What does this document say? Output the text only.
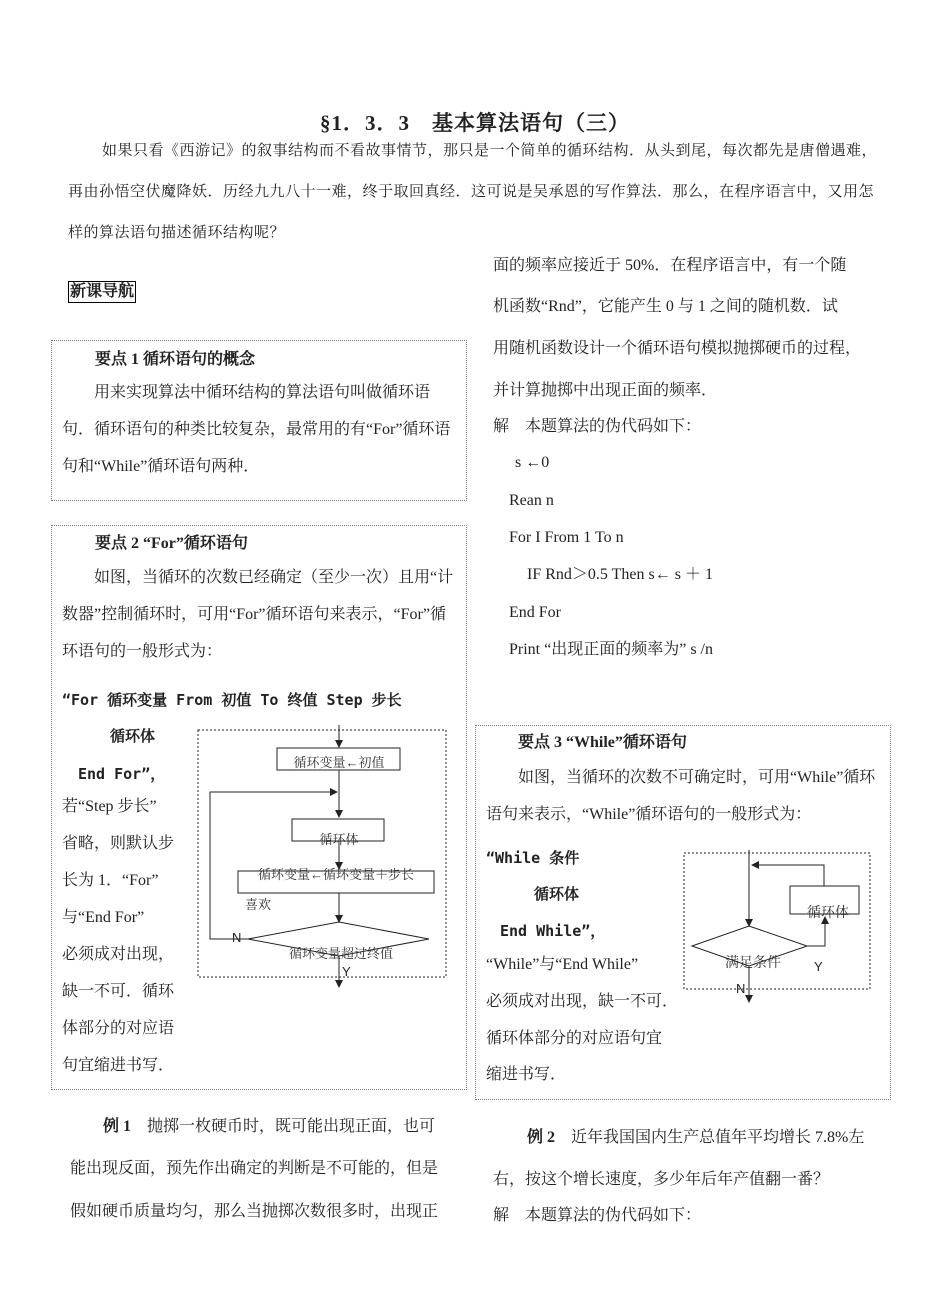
§1．3．3　基本算法语句（三）
如果只看《西游记》的叙事结构而不看故事情节，那只是一个简单的循环结构．从头到尾，每次都先是唐僧遇难，再由孙悟空伏魔降妖．历经九九八十一难，终于取回真经．这可说是吴承恩的写作算法．那么，在程序语言中，又用怎样的算法语句描述循环结构呢？
新课导航
要点 1 循环语句的概念
用来实现算法中循环结构的算法语句叫做循环语句．循环语句的种类比较复杂，最常用的有“For”循环语句和“While”循环语句两种．
要点 2 “For”循环语句
如图，当循环的次数已经确定（至少一次）且用“计数器”控制循环时，可用“For”循环语句来表示，“For”循环语句的一般形式为：
“For 循环变量 From 初值 To 终值 Step 步长
循环体
End For”，
若“Step 步长”
省略，则默认步
长为 1．“For”
与“End For”
必须成对出现，
缺一不可．循环
体部分的对应语
句宜缩进书写．
循环变量←初值
循环体
循环变量←循环变量＋步长
喜欢
循环变量超过终值
N
Y
例 1　 抛掷一枚硬币时，既可能出现正面，也可
能出现反面，预先作出确定的判断是不可能的，但是
假如硬币质量均匀，那么当抛掷次数很多时，出现正
面的频率应接近于 50%．在程序语言中，有一个随
机函数“Rnd”，它能产生 0 与 1 之间的随机数．试
用随机函数设计一个循环语句模拟抛掷硬币的过程，
并计算抛掷中出现正面的频率．
解　本题算法的伪代码如下：
s ←0
Rean n
For I From 1 To n
IF Rnd＞0.5 Then s← s ＋ 1
End For
Print “出现正面的频率为” s /n
要点 3 “While”循环语句
如图，当循环的次数不可确定时，可用“While”循环语句来表示，“While”循环语句的一般形式为：
“While 条件
循环体
End While”，
“While”与“End While”
必须成对出现，缺一不可．
循环体部分的对应语句宜
缩进书写．
满足条件	Y
循环体
N
例 2　 近年我国国内生产总值年平均增长 7.8%左
右，按这个增长速度，多少年后年产值翻一番？
解　本题算法的伪代码如下：
